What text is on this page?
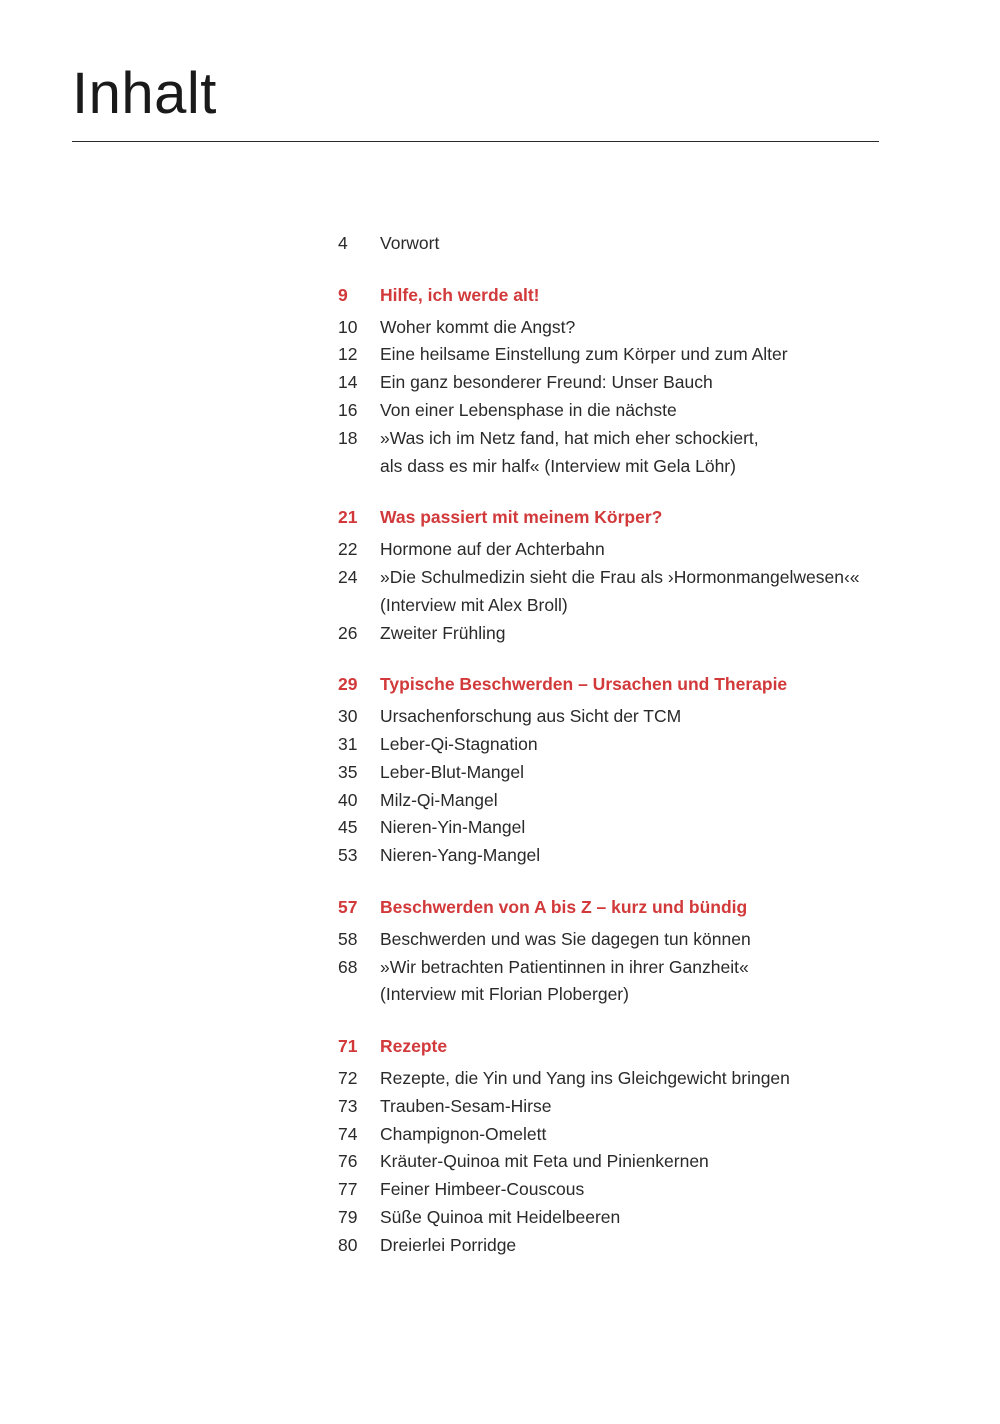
Inhalt
4	Vorwort
9	Hilfe, ich werde alt!
10	Woher kommt die Angst?
12	Eine heilsame Einstellung zum Körper und zum Alter
14	Ein ganz besonderer Freund: Unser Bauch
16	Von einer Lebensphase in die nächste
18	»Was ich im Netz fand, hat mich eher schockiert,
als dass es mir half« (Interview mit Gela Löhr)
21	Was passiert mit meinem Körper?
22	Hormone auf der Achterbahn
24	»Die Schulmedizin sieht die Frau als ›Hormonmangelwesen‹«
(Interview mit Alex Broll)
26	Zweiter Frühling
29	Typische Beschwerden – Ursachen und Therapie
30	Ursachenforschung aus Sicht der TCM
31	Leber-Qi-Stagnation
35	Leber-Blut-Mangel
40	Milz-Qi-Mangel
45	Nieren-Yin-Mangel
53	Nieren-Yang-Mangel
57	Beschwerden von A bis Z – kurz und bündig
58	Beschwerden und was Sie dagegen tun können
68	»Wir betrachten Patientinnen in ihrer Ganzheit«
(Interview mit Florian Ploberger)
71	Rezepte
72	Rezepte, die Yin und Yang ins Gleichgewicht bringen
73	Trauben-Sesam-Hirse
74	Champignon-Omelett
76	Kräuter-Quinoa mit Feta und Pinienkernen
77	Feiner Himbeer-Couscous
79	Süße Quinoa mit Heidelbeeren
80	Dreierlei Porridge
